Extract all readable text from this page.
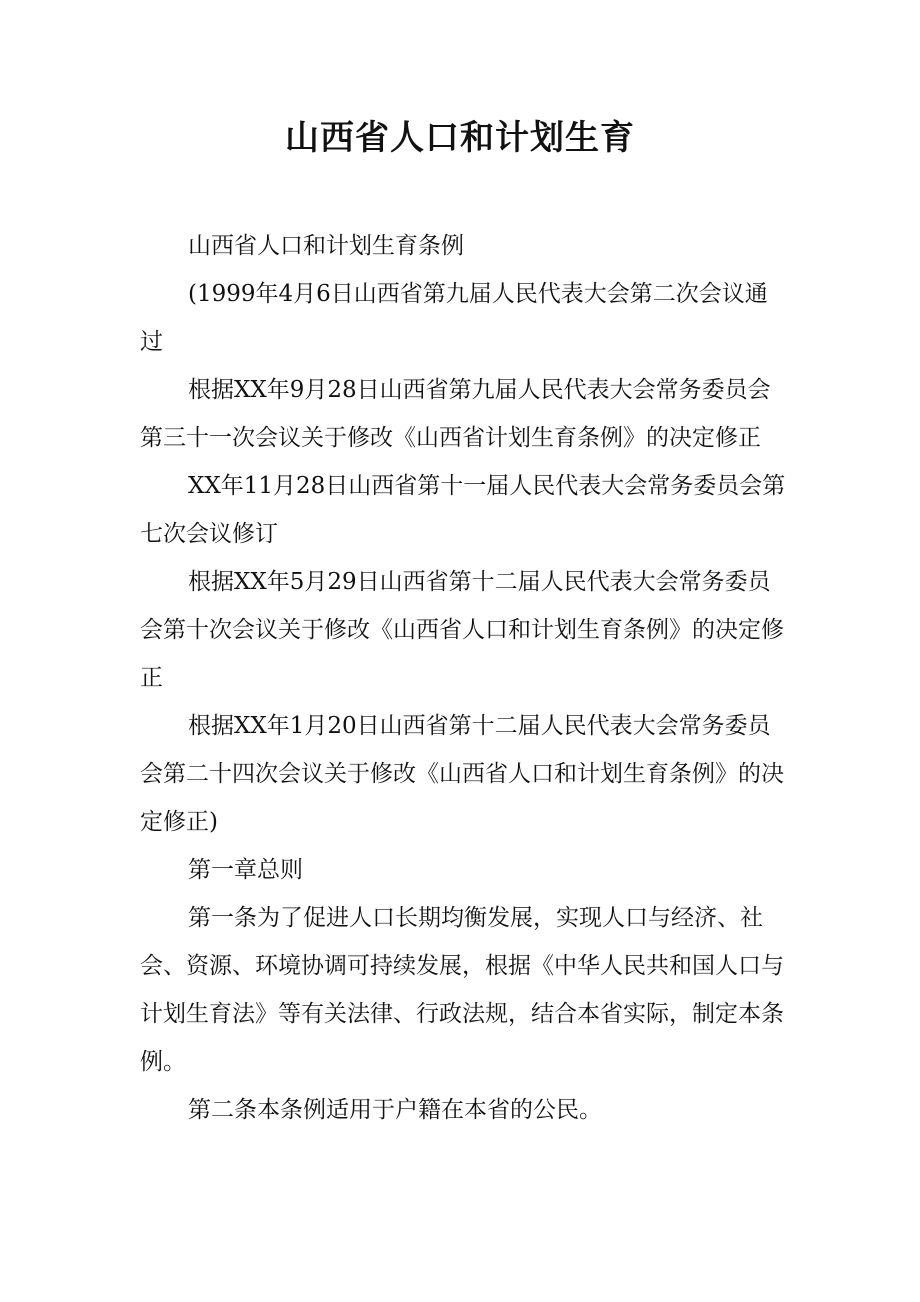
山西省人口和计划生育

山西省人口和计划生育条例

(1999年4月6日山西省第九届人民代表大会第二次会议通过

根据XX年9月28日山西省第九届人民代表大会常务委员会第三十一次会议关于修改《山西省计划生育条例》的决定修正

XX年11月28日山西省第十一届人民代表大会常务委员会第七次会议修订

根据XX年5月29日山西省第十二届人民代表大会常务委员会第十次会议关于修改《山西省人口和计划生育条例》的决定修正

根据XX年1月20日山西省第十二届人民代表大会常务委员会第二十四次会议关于修改《山西省人口和计划生育条例》的决定修正)

第一章总则

第一条为了促进人口长期均衡发展，实现人口与经济、社会、资源、环境协调可持续发展，根据《中华人民共和国人口与计划生育法》等有关法律、行政法规，结合本省实际，制定本条例。

第二条本条例适用于户籍在本省的公民。
